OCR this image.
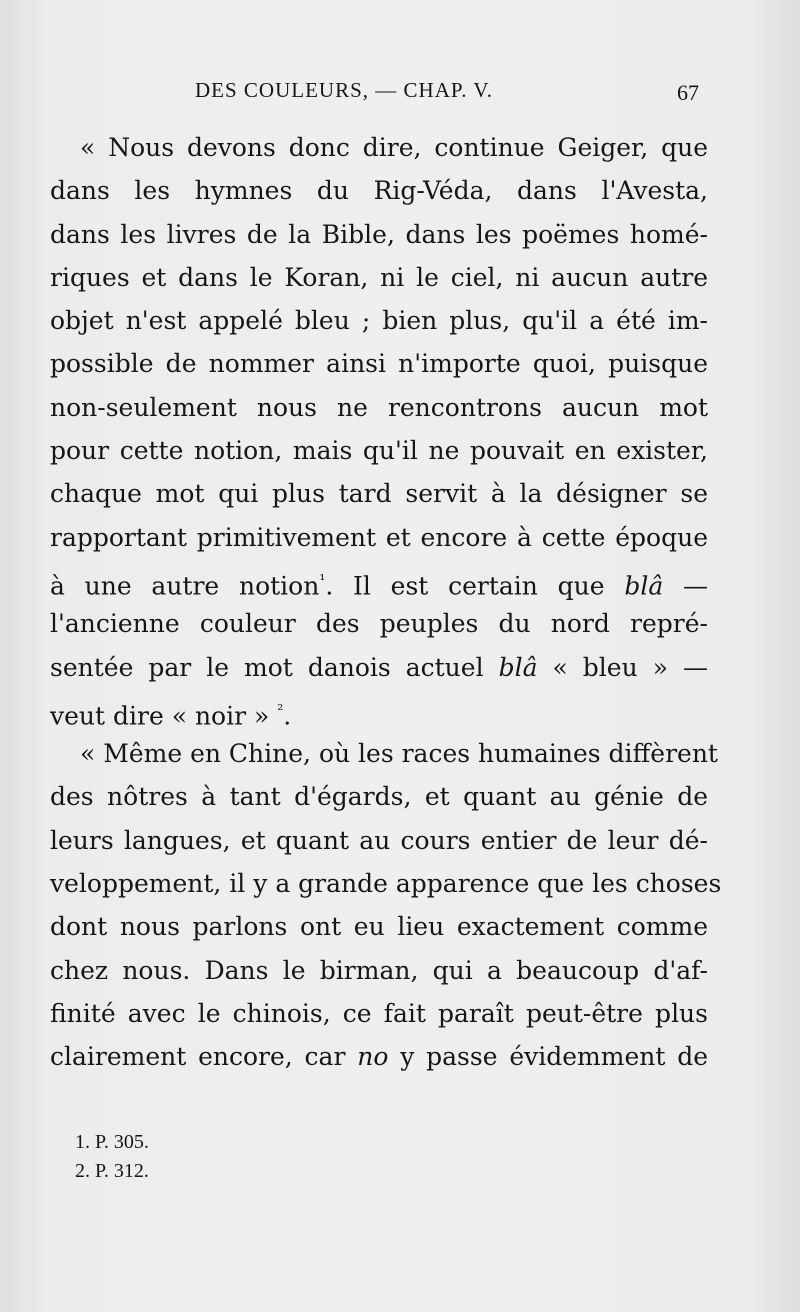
DES COULEURS, — CHAP. V.	67
« Nous devons donc dire, continue Geiger, que
dans les hymnes du Rig-Véda, dans l'Avesta,
dans les livres de la Bible, dans les poëmes homé-
riques et dans le Koran, ni le ciel, ni aucun autre
objet n'est appelé bleu ; bien plus, qu'il a été im-
possible de nommer ainsi n'importe quoi, puisque
non-seulement nous ne rencontrons aucun mot
pour cette notion, mais qu'il ne pouvait en exister,
chaque mot qui plus tard servit à la désigner se
rapportant primitivement et encore à cette époque
à une autre notion$^{^1}$. Il est certain que blâ —
l'ancienne couleur des peuples du nord repré-
sentée par le mot danois actuel blâ « bleu » —
veut dire « noir » $^{^2}$.
« Même en Chine, où les races humaines diffèrent
des nôtres à tant d'égards, et quant au génie de
leurs langues, et quant au cours entier de leur dé-
veloppement, il y a grande apparence que les choses
dont nous parlons ont eu lieu exactement comme
chez nous. Dans le birman, qui a beaucoup d'af-
finité avec le chinois, ce fait paraît peut-être plus
clairement encore, car no y passe évidemment de
1. P. 305.
2. P. 312.
